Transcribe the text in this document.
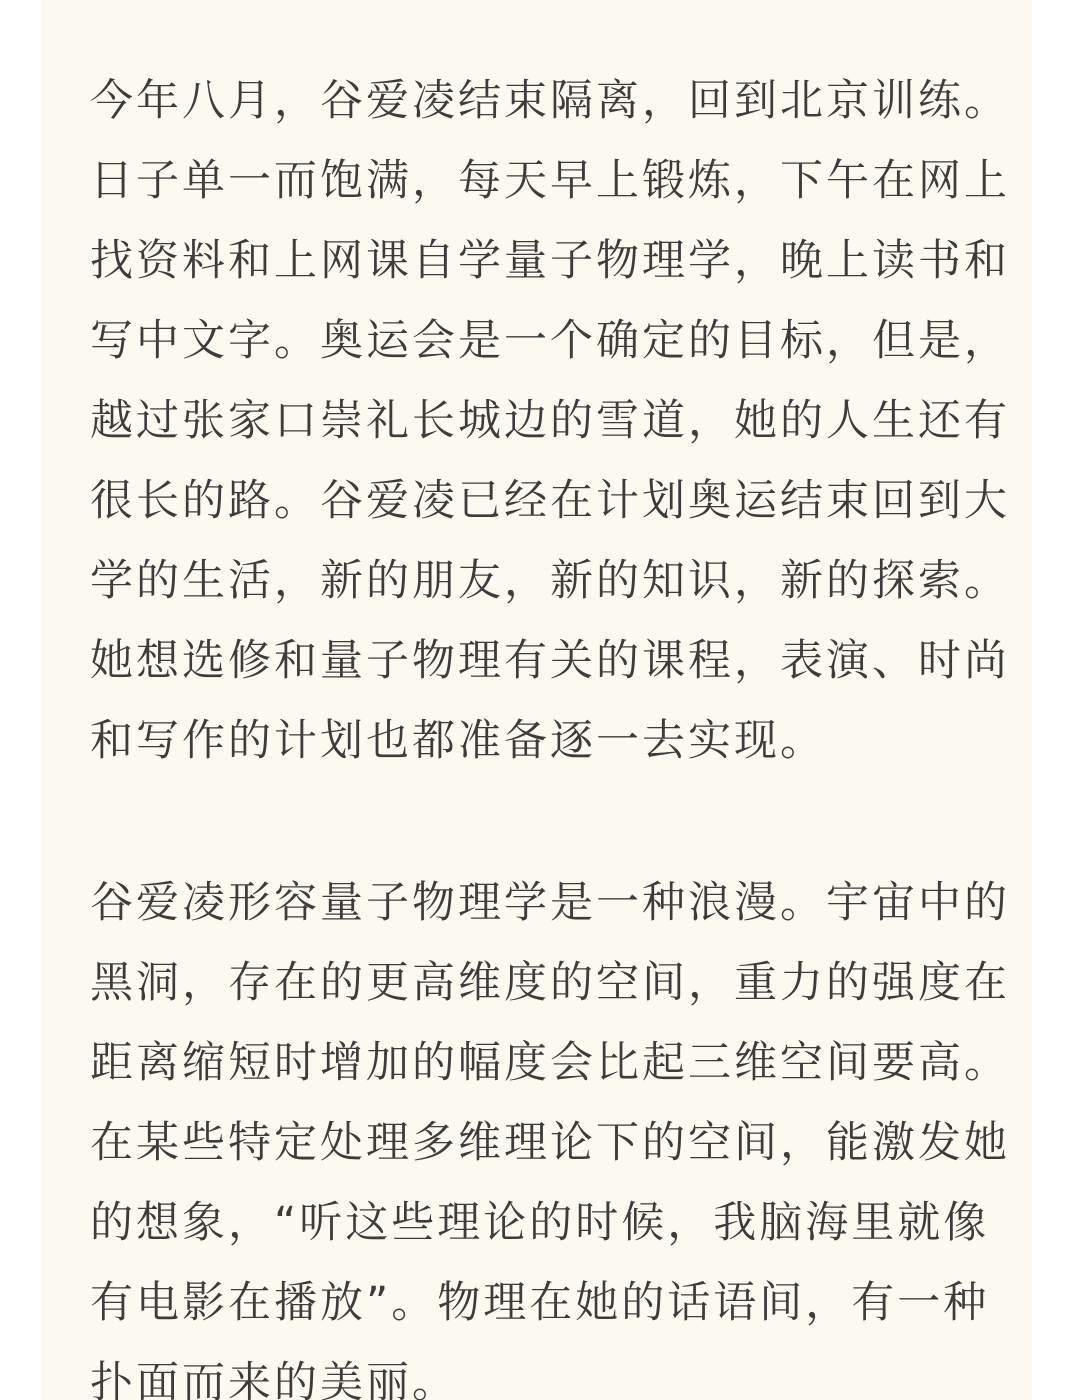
今年八月，谷爱凌结束隔离，回到北京训练。
日子单一而饱满，每天早上锻炼，下午在网上
找资料和上网课自学量子物理学，晚上读书和
写中文字。奥运会是一个确定的目标，但是，
越过张家口崇礼长城边的雪道，她的人生还有
很长的路。谷爱凌已经在计划奥运结束回到大
学的生活，新的朋友，新的知识，新的探索。
她想选修和量子物理有关的课程，表演、时尚
和写作的计划也都准备逐一去实现。

谷爱凌形容量子物理学是一种浪漫。宇宙中的
黑洞，存在的更高维度的空间，重力的强度在
距离缩短时增加的幅度会比起三维空间要高。
在某些特定处理多维理论下的空间，能激发她
的想象，“听这些理论的时候，我脑海里就像
有电影在播放”。物理在她的话语间，有一种
扑面而来的美丽。
